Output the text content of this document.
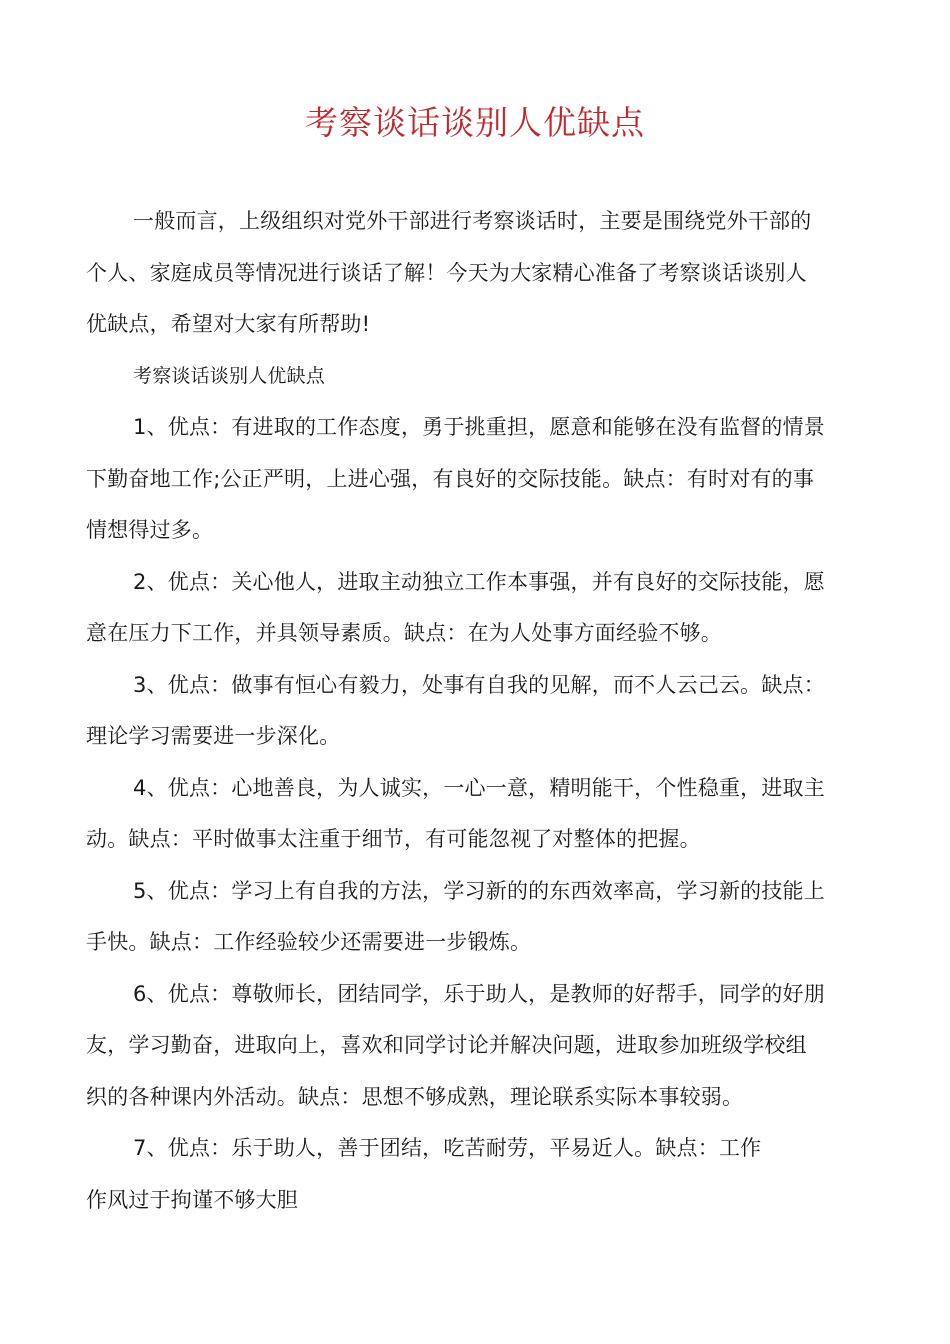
考察谈话谈别人优缺点
一般而言，上级组织对党外干部进行考察谈话时，主要是围绕党外干部的
个人、家庭成员等情况进行谈话了解！今天为大家精心准备了考察谈话谈别人
优缺点，希望对大家有所帮助!
考察谈话谈别人优缺点
1、优点：有进取的工作态度，勇于挑重担，愿意和能够在没有监督的情景
下勤奋地工作;公正严明，上进心强，有良好的交际技能。缺点：有时对有的事
情想得过多。
2、优点：关心他人，进取主动独立工作本事强，并有良好的交际技能，愿
意在压力下工作，并具领导素质。缺点：在为人处事方面经验不够。
3、优点：做事有恒心有毅力，处事有自我的见解，而不人云己云。缺点：
理论学习需要进一步深化。
4、优点：心地善良，为人诚实，一心一意，精明能干，个性稳重，进取主
动。缺点：平时做事太注重于细节，有可能忽视了对整体的把握。
5、优点：学习上有自我的方法，学习新的的东西效率高，学习新的技能上
手快。缺点：工作经验较少还需要进一步锻炼。
6、优点：尊敬师长，团结同学，乐于助人，是教师的好帮手，同学的好朋
友，学习勤奋，进取向上，喜欢和同学讨论并解决问题，进取参加班级学校组
织的各种课内外活动。缺点：思想不够成熟，理论联系实际本事较弱。
7、优点：乐于助人，善于团结，吃苦耐劳，平易近人。缺点：工作
作风过于拘谨不够大胆
